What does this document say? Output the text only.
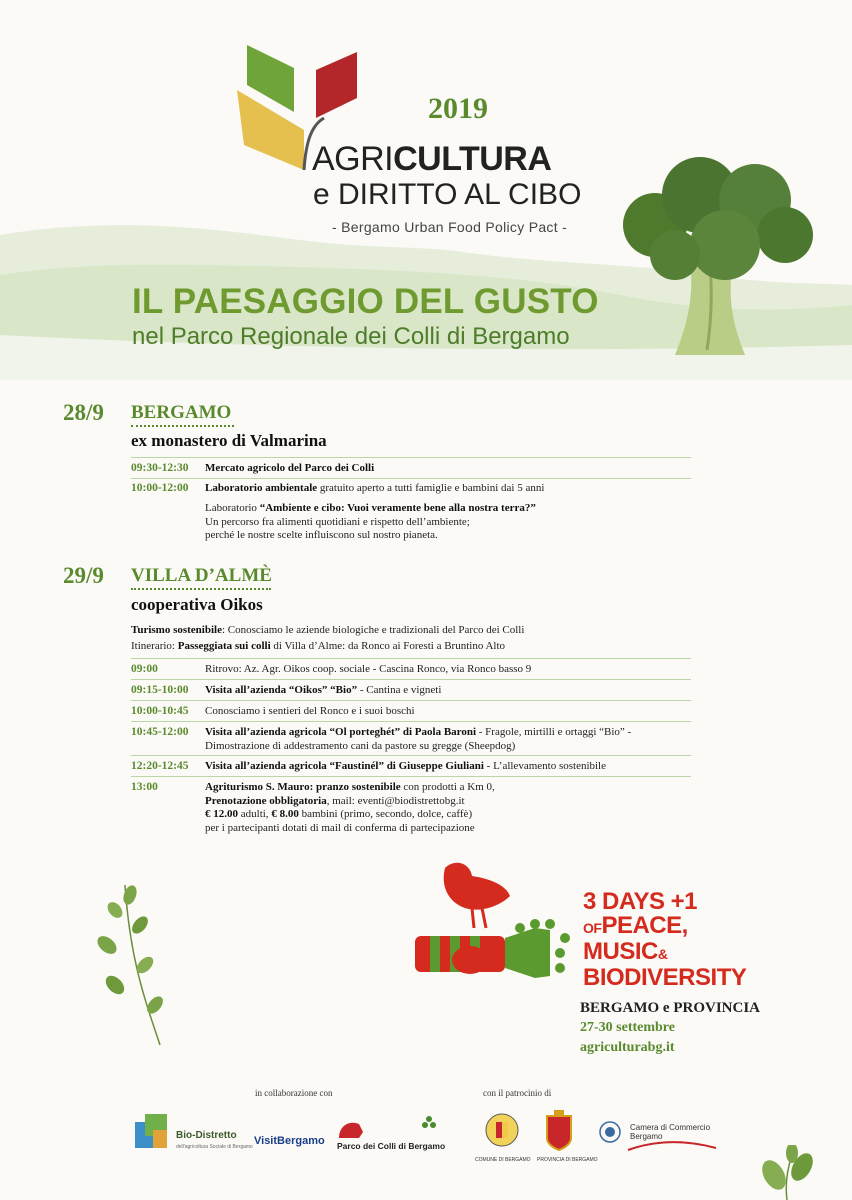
2019
AGRICULTURA
e DIRITTO AL CIBO
- Bergamo Urban Food Policy Pact -
IL PAESAGGIO DEL GUSTO
nel Parco Regionale dei Colli di Bergamo
28/9 BERGAMO
ex monastero di Valmarina
09:30-12:30 Mercato agricolo del Parco dei Colli
10:00-12:00 Laboratorio ambientale gratuito aperto a tutti famiglie e bambini dai 5 anni
Laboratorio “Ambiente e cibo: Vuoi veramente bene alla nostra terra?”
Un percorso fra alimenti quotidiani e rispetto dell’ambiente;
perché le nostre scelte influiscono sul nostro pianeta.
29/9 VILLA D’ALMÈ
cooperativa Oikos
Turismo sostenibile: Conosciamo le aziende biologiche e tradizionali del Parco dei Colli
Itinerario: Passeggiata sui colli di Villa d’Alme: da Ronco ai Foresti a Bruntino Alto
09:00	Ritrovo: Az. Agr. Oikos coop. sociale - Cascina Ronco, via Ronco basso 9
09:15-10:00 Visita all’azienda “Oikos” “Bio” - Cantina e vigneti
10:00-10:45 Conosciamo i sentieri del Ronco e i suoi boschi
10:45-12:00 Visita all’azienda agricola “Ol porteghét” di Paola Baroni - Fragole, mirtilli e ortaggi “Bio” -
Dimostrazione di addestramento cani da pastore su gregge (Sheepdog)
12:20-12:45 Visita all’azienda agricola “Faustinél” di Giuseppe Giuliani - L’allevamento sostenibile
13:00	Agriturismo S. Mauro: pranzo sostenibile con prodotti a Km 0,
Prenotazione obbligatoria, mail: eventi@biodistrettobg.it
€ 12.00 adulti, € 8.00 bambini (primo, secondo, dolce, caffè)
per i partecipanti dotati di mail di conferma di partecipazione
3 DAYS +1
OFPEACE,
MUSIC&
BIODIVERSITY
BERGAMO e PROVINCIA
27-30 settembre
agriculturabg.it
in collaborazione con	con il patrocinio di
Bio-Distretto
dell'agricoltura Sociale di Bergamo VisitBergamo Parco dei Colli di Bergamo
COMUNE DI BERGAMO PROVINCIA DI BERGAMO
Camera di Commercio
Bergamo
